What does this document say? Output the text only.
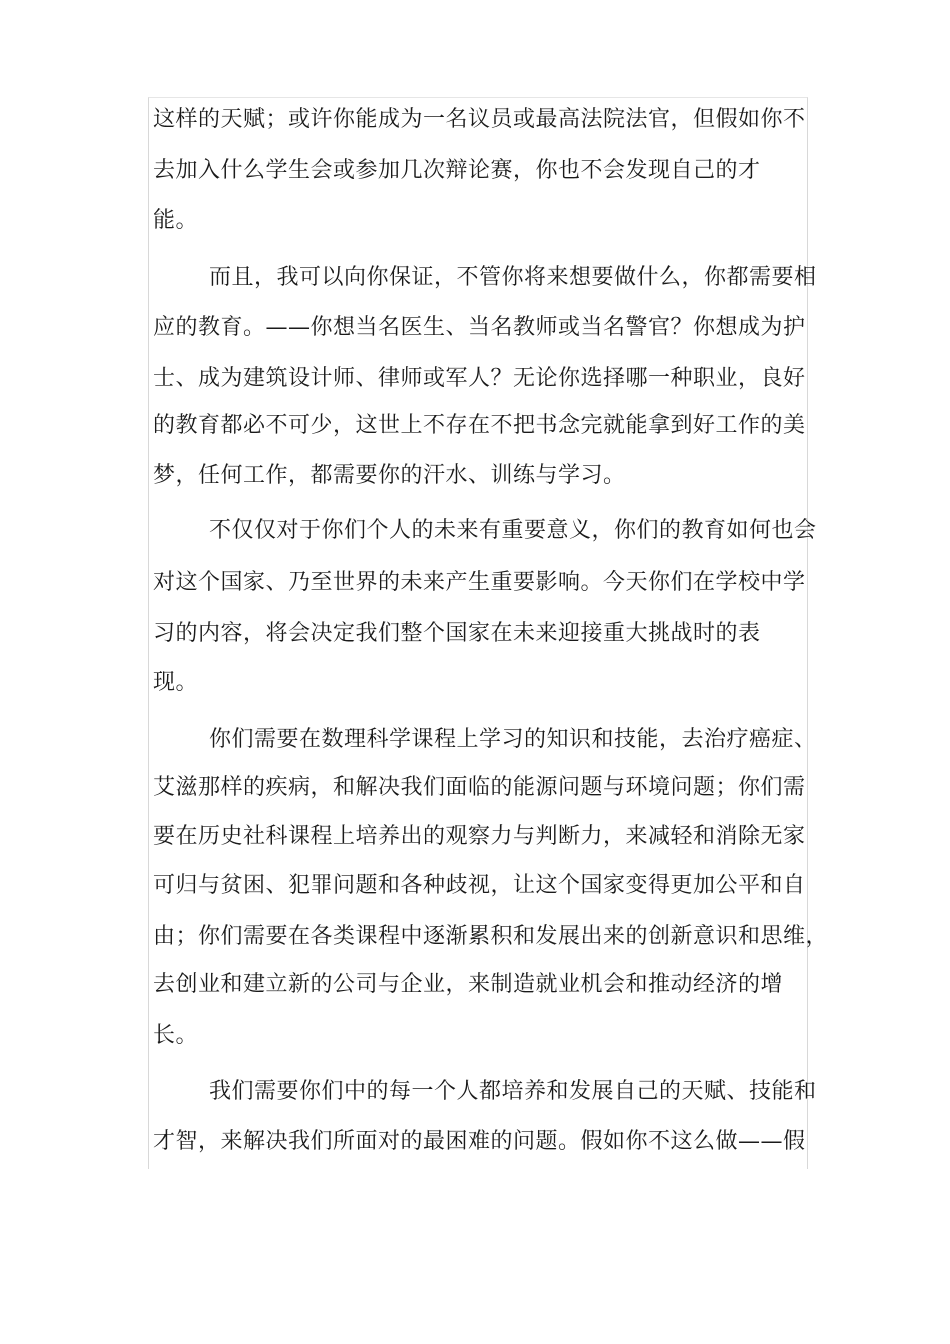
这样的天赋；或许你能成为一名议员或最高法院法官，但假如你不
去加入什么学生会或参加几次辩论赛，你也不会发现自己的才
能。
而且，我可以向你保证，不管你将来想要做什么，你都需要相
应的教育。——你想当名医生、当名教师或当名警官？你想成为护
士、成为建筑设计师、律师或军人？无论你选择哪一种职业，良好
的教育都必不可少，这世上不存在不把书念完就能拿到好工作的美
梦，任何工作，都需要你的汗水、训练与学习。
不仅仅对于你们个人的未来有重要意义，你们的教育如何也会
对这个国家、乃至世界的未来产生重要影响。今天你们在学校中学
习的内容，将会决定我们整个国家在未来迎接重大挑战时的表
现。
你们需要在数理科学课程上学习的知识和技能，去治疗癌症、
艾滋那样的疾病，和解决我们面临的能源问题与环境问题；你们需
要在历史社科课程上培养出的观察力与判断力，来减轻和消除无家
可归与贫困、犯罪问题和各种歧视，让这个国家变得更加公平和自
由；你们需要在各类课程中逐渐累积和发展出来的创新意识和思维，
去创业和建立新的公司与企业，来制造就业机会和推动经济的增
长。
我们需要你们中的每一个人都培养和发展自己的天赋、技能和
才智，来解决我们所面对的最困难的问题。假如你不这么做——假
